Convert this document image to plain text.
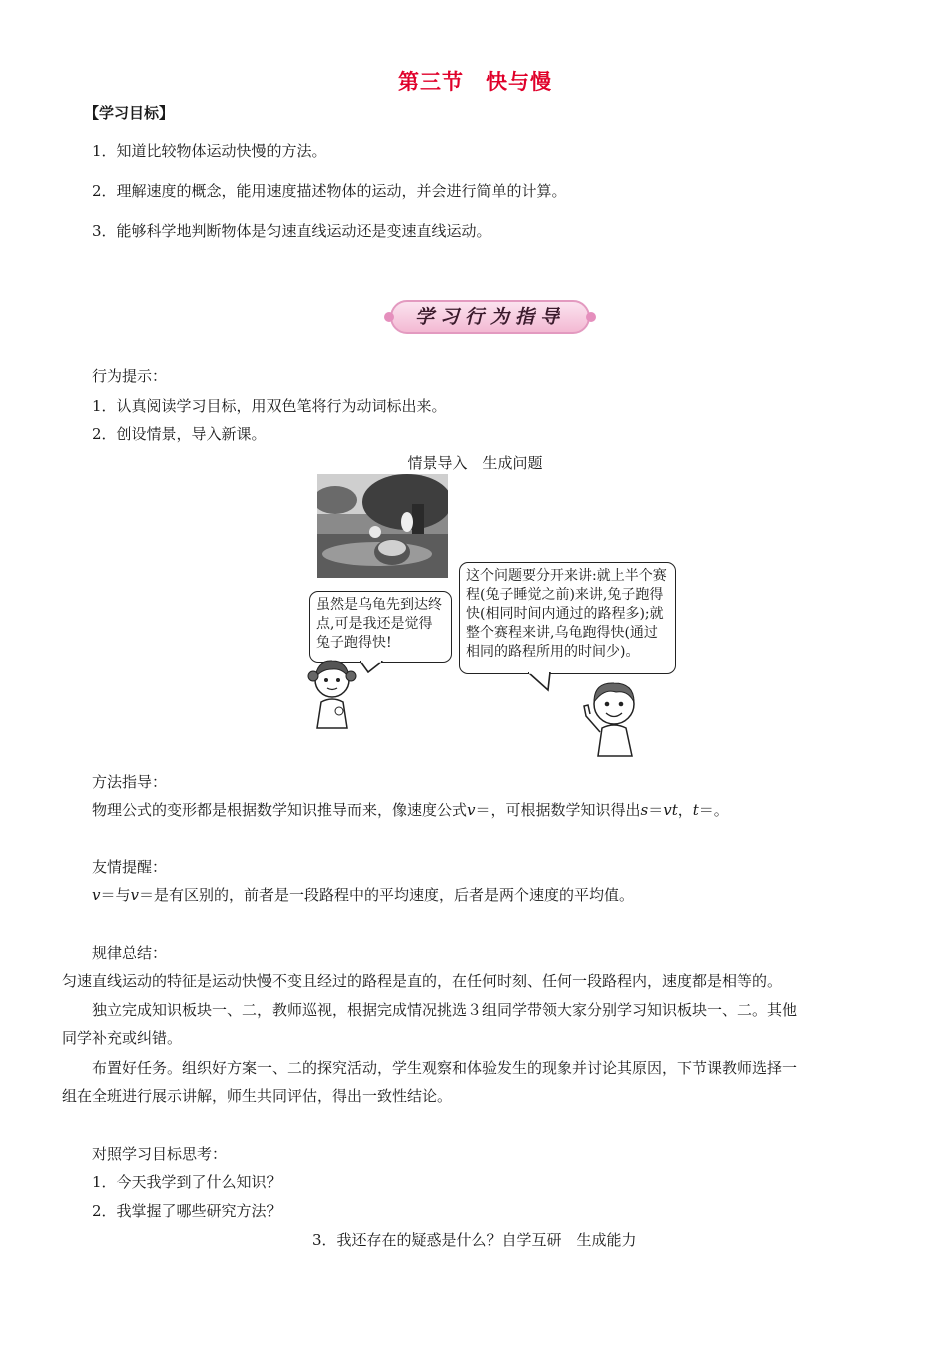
第三节　快与慢
【学习目标】
1．知道比较物体运动快慢的方法。
2．理解速度的概念，能用速度描述物体的运动，并会进行简单的计算。
3．能够科学地判断物体是匀速直线运动还是变速直线运动。
学习行为指导
行为提示：
1．认真阅读学习目标，用双色笔将行为动词标出来。
2．创设情景，导入新课。
情景导入　生成问题
虽然是乌龟先到达终点,可是我还是觉得兔子跑得快!
这个问题要分开来讲:就上半个赛程(兔子睡觉之前)来讲,兔子跑得快(相同时间内通过的路程多);就整个赛程来讲,乌龟跑得快(通过相同的路程所用的时间少)。
方法指导：
物理公式的变形都是根据数学知识推导而来，像速度公式v＝，可根据数学知识得出s＝vt，t＝。
友情提醒：
v＝与v＝是有区别的，前者是一段路程中的平均速度，后者是两个速度的平均值。
规律总结：
匀速直线运动的特征是运动快慢不变且经过的路程是直的，在任何时刻、任何一段路程内，速度都是相等的。
独立完成知识板块一、二，教师巡视，根据完成情况挑选３组同学带领大家分别学习知识板块一、二。其他
同学补充或纠错。
布置好任务。组织好方案一、二的探究活动，学生观察和体验发生的现象并讨论其原因，下节课教师选择一
组在全班进行展示讲解，师生共同评估，得出一致性结论。
对照学习目标思考：
1．今天我学到了什么知识？
2．我掌握了哪些研究方法？
3．我还存在的疑惑是什么？自学互研　生成能力
